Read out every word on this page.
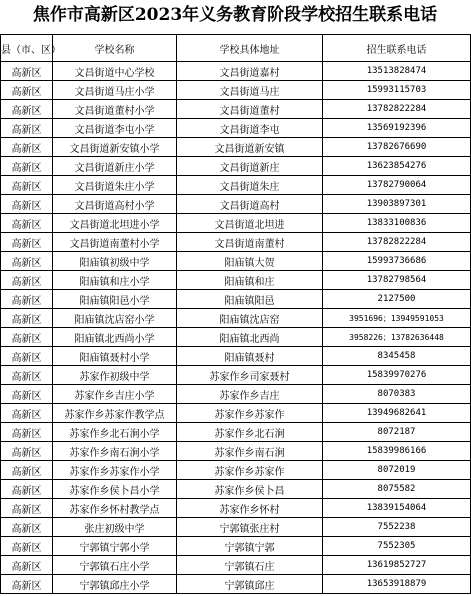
焦作市高新区2023年义务教育阶段学校招生联系电话
县（市、区）	学校名称	学校具体地址	招生联系电话
高新区	文昌街道中心学校	文昌街道嘉村	13513828474
高新区	文昌街道马庄小学	文昌街道马庄	15993115703
高新区	文昌街道董村小学	文昌街道董村	13782822284
高新区	文昌街道李屯小学	文昌街道李屯	13569192396
高新区	文昌街道新安镇小学	文昌街道新安镇	13782676690
高新区	文昌街道新庄小学	文昌街道新庄	13623854276
高新区	文昌街道朱庄小学	文昌街道朱庄	13782790064
高新区	文昌街道高村小学	文昌街道高村	13903897301
高新区	文昌街道北坦进小学	文昌街道北坦进	13833100836
高新区	文昌街道南董村小学	文昌街道南董村	13782822284
高新区	阳庙镇初级中学	阳庙镇大贺	15993736686
高新区	阳庙镇和庄小学	阳庙镇和庄	13782798564
高新区	阳庙镇阳邑小学	阳庙镇阳邑	2127500
高新区	阳庙镇沈店窑小学	阳庙镇沈店窑	3951696；13949591053
高新区	阳庙镇北西尚小学	阳庙镇北西尚	3958226；13782636448
高新区	阳庙镇聂村小学	阳庙镇聂村	8345458
高新区	苏家作初级中学	苏家作乡司家聂村	15839970276
高新区	苏家作乡吉庄小学	苏家作乡吉庄	8070383
高新区	苏家作乡苏家作教学点	苏家作乡苏家作	13949682641
高新区	苏家作乡北石涧小学	苏家作乡北石涧	8072187
高新区	苏家作乡南石涧小学	苏家作乡南石涧	15839986166
高新区	苏家作乡苏家作小学	苏家作乡苏家作	8072019
高新区	苏家作乡侯卜昌小学	苏家作乡侯卜昌	8075582
高新区	苏家作乡怀村教学点	苏家作乡怀村	13839154064
高新区	张庄初级中学	宁郭镇张庄村	7552238
高新区	宁郭镇宁郭小学	宁郭镇宁郭	7552305
高新区	宁郭镇石庄小学	宁郭镇石庄	13619852727
高新区	宁郭镇邱庄小学	宁郭镇邱庄	13653918879
